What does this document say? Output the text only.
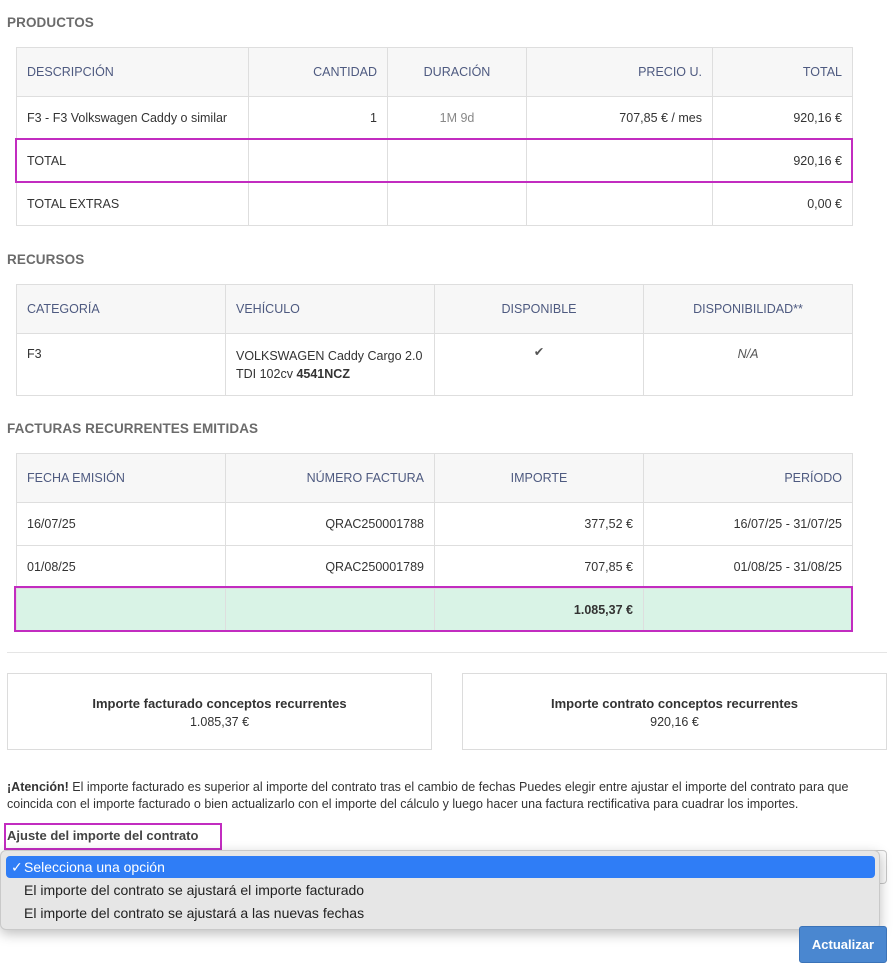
PRODUCTOS
DESCRIPCIÓN	CANTIDAD	DURACIÓN	PRECIO U.	TOTAL
F3 - F3 Volkswagen Caddy o similar	1	1M 9d	707,85 € / mes	920,16 €
TOTAL				920,16 €
TOTAL EXTRAS				0,00 €
RECURSOS
CATEGORÍA	VEHÍCULO	DISPONIBLE	DISPONIBILIDAD**
F3	VOLKSWAGEN Caddy Cargo 2.0
TDI 102cv 4541NCZ	✔	N/A
FACTURAS RECURRENTES EMITIDAS
FECHA EMISIÓN	NÚMERO FACTURA	IMPORTE	PERÍODO
16/07/25	QRAC250001788	377,52 €	16/07/25 - 31/07/25
01/08/25	QRAC250001789	707,85 €	01/08/25 - 31/08/25
		1.085,37 €	
Importe facturado conceptos recurrentes
1.085,37 €
Importe contrato conceptos recurrentes
920,16 €
¡Atención! El importe facturado es superior al importe del contrato tras el cambio de fechas Puedes elegir entre ajustar el importe del contrato para que coincida con el importe facturado o bien actualizarlo con el importe del cálculo y luego hacer una factura rectificativa para cuadrar los importes.
Ajuste del importe del contrato
✓ Selecciona una opción
El importe del contrato se ajustará el importe facturado
El importe del contrato se ajustará a las nuevas fechas
Actualizar
